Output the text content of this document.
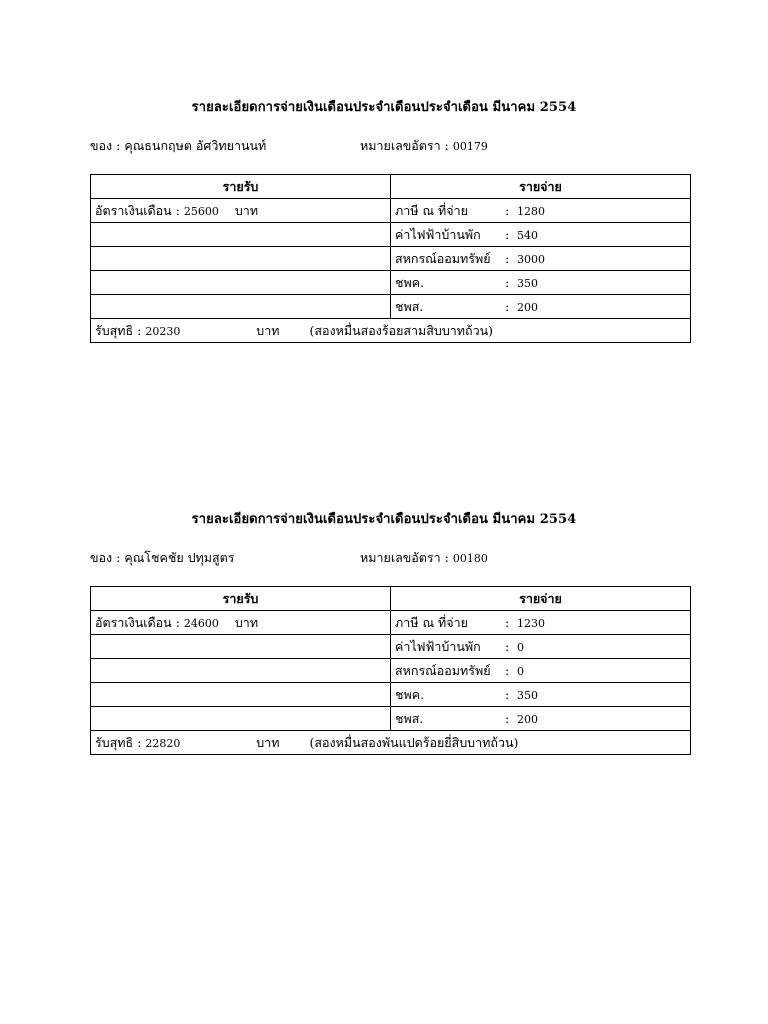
รายละเอียดการจ่ายเงินเดือนประจำเดือนประจำเดือน มีนาคม 2554
ของ : คุณธนกฤษต อัศวิทยานนท์	หมายเลขอัตรา : 00179
รายรับ	รายจ่าย
อัตราเงินเดือน : 25600 บาท	ภาษี ณ ที่จ่าย : 1280
	ค่าไฟฟ้าบ้านพัก : 540
	สหกรณ์ออมทรัพย์ : 3000
	ชพค. : 350
	ชพส. : 200
รับสุทธิ : 20230 บาท (สองหมื่นสองร้อยสามสิบบาทถ้วน)	
รายละเอียดการจ่ายเงินเดือนประจำเดือนประจำเดือน มีนาคม 2554
ของ : คุณโชคชัย ปทุมสูตร	หมายเลขอัตรา : 00180
รายรับ	รายจ่าย
อัตราเงินเดือน : 24600 บาท	ภาษี ณ ที่จ่าย : 1230
	ค่าไฟฟ้าบ้านพัก : 0
	สหกรณ์ออมทรัพย์ : 0
	ชพค. : 350
	ชพส. : 200
รับสุทธิ : 22820 บาท (สองหมื่นสองพันแปดร้อยยี่สิบบาทถ้วน)	
